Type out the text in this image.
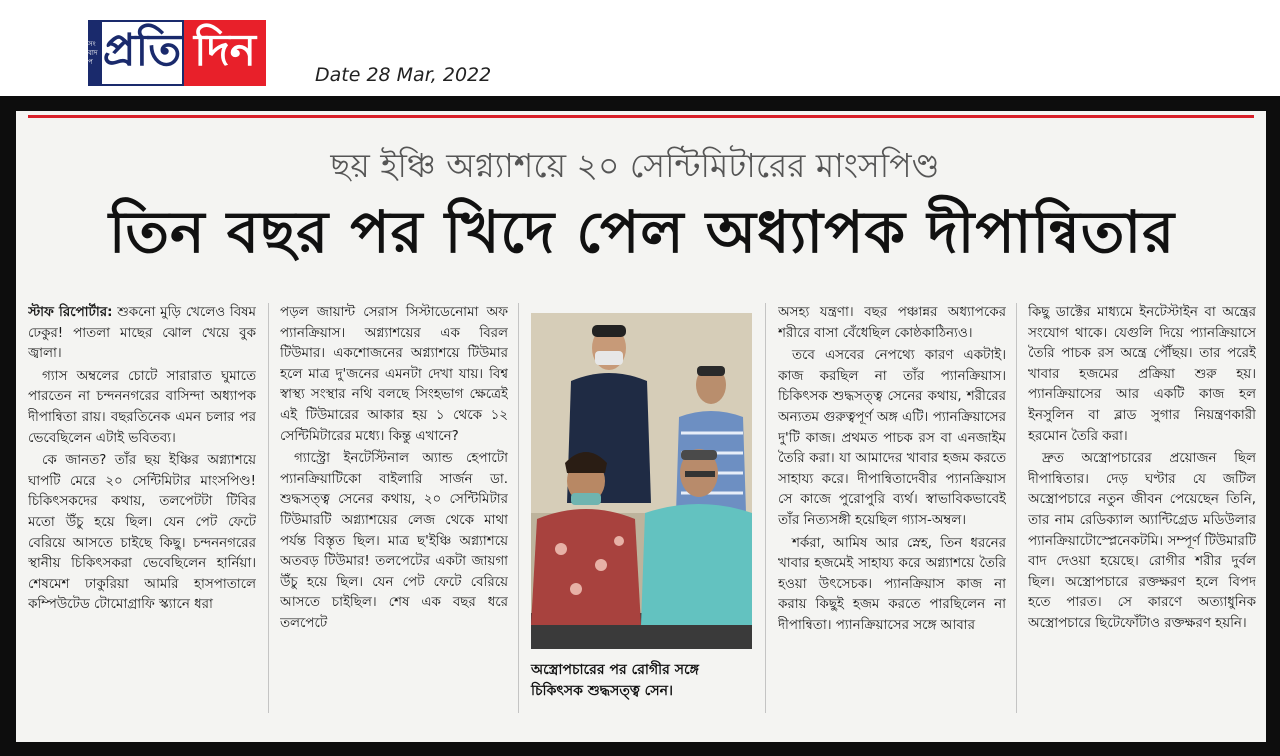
সং বাদ প প্রতি দিন	Date 28 Mar, 2022
ছয় ইঞ্চি অগ্ন্যাশয়ে ২০ সেন্টিমিটারের মাংসপিণ্ড
তিন বছর পর খিদে পেল অধ্যাপক দীপান্বিতার

স্টাফ রিপোর্টার: শুকনো মুড়ি খেলেও বিষম ঢেকুর! পাতলা মাছের ঝোল খেয়ে বুক জ্বালা।

গ্যাস অম্বলের চোটে সারারাত ঘুমাতে পারতেন না চন্দননগরের বাসিন্দা অধ্যাপক দীপান্বিতা রায়। বছরতিনেক এমন চলার পর ভেবেছিলেন এটাই ভবিতব্য।

কে জানত? তাঁর ছয় ইঞ্চির অগ্ন্যাশয়ে ঘাপটি মেরে ২০ সেন্টিমিটার মাংসপিণ্ড! চিকিৎসকদের কথায়, তলপেটটা টিবির মতো উঁচু হয়ে ছিল। যেন পেট ফেটে বেরিয়ে আসতে চাইছে কিছু। চন্দননগরের স্থানীয় চিকিৎসকরা ভেবেছিলেন হার্নিয়া। শেষমেশ ঢাকুরিয়া আমরি হাসপাতালে কম্পিউটেড টোমোগ্রাফি স্ক্যানে ধরা

পড়ল জায়ান্ট সেরাস সিস্টাডেনোমা অফ প্যানক্রিয়াস। অগ্ন্যাশয়ের এক বিরল টিউমার। একশোজনের অগ্ন্যাশয়ে টিউমার হলে মাত্র দু'জনের এমনটা দেখা যায়। বিশ্ব স্বাস্থ্য সংস্থার নথি বলছে সিংহভাগ ক্ষেত্রেই এই টিউমারের আকার হয় ১ থেকে ১২ সেন্টিমিটারের মধ্যে। কিন্তু এখানে?

গ্যাস্ট্রো ইনটেস্টিনাল অ্যান্ড হেপাটো প্যানক্রিয়াটিকো বাইলারি সার্জন ডা. শুদ্ধসত্ত্ব সেনের কথায়, ২০ সেন্টিমিটার টিউমারটি অগ্ন্যাশয়ের লেজ থেকে মাথা পর্যন্ত বিস্তৃত ছিল। মাত্র ছ'ইঞ্চি অগ্ন্যাশয়ে অতবড় টিউমার! তলপেটের একটা জায়গা উঁচু হয়ে ছিল। যেন পেট ফেটে বেরিয়ে আসতে চাইছিল। শেষ এক বছর ধরে তলপেটে

অস্ত্রোপচারের পর রোগীর সঙ্গে চিকিৎসক শুদ্ধসত্ত্ব সেন।

অসহ্য যন্ত্রণা। বছর পঞ্চান্নর অধ্যাপকের শরীরে বাসা বেঁধেছিল কোষ্ঠকাঠিন্যও।

তবে এসবের নেপথ্যে কারণ একটাই। কাজ করছিল না তাঁর প্যানক্রিয়াস। চিকিৎসক শুদ্ধসত্ত্ব সেনের কথায়, শরীরের অন্যতম গুরুত্বপূর্ণ অঙ্গ এটি। প্যানক্রিয়াসের দু'টি কাজ। প্রথমত পাচক রস বা এনজাইম তৈরি করা। যা আমাদের খাবার হজম করতে সাহায্য করে। দীপান্বিতাদেবীর প্যানক্রিয়াস সে কাজে পুরোপুরি ব্যর্থ। স্বাভাবিকভাবেই তাঁর নিত্যসঙ্গী হয়েছিল গ্যাস-অম্বল।

শর্করা, আমিষ আর স্নেহ, তিন ধরনের খাবার হজমেই সাহায্য করে অগ্ন্যাশয়ে তৈরি হওয়া উৎসেচক। প্যানক্রিয়াস কাজ না করায় কিছুই হজম করতে পারছিলেন না দীপান্বিতা। প্যানক্রিয়াসের সঙ্গে আবার

কিছু ডাক্টের মাধ্যমে ইনটেস্টাইন বা অন্ত্রের সংযোগ থাকে। যেগুলি দিয়ে প্যানক্রিয়াসে তৈরি পাচক রস অন্ত্রে পৌঁছয়। তার পরেই খাবার হজমের প্রক্রিয়া শুরু হয়। প্যানক্রিয়াসের আর একটি কাজ হল ইনসুলিন বা ব্লাড সুগার নিয়ন্ত্রণকারী হরমোন তৈরি করা।

দ্রুত অস্ত্রোপচারের প্রয়োজন ছিল দীপান্বিতার। দেড় ঘণ্টার যে জটিল অস্ত্রোপচারে নতুন জীবন পেয়েছেন তিনি, তার নাম রেডিক্যাল অ্যান্টিগ্রেড মডিউলার প্যানক্রিয়াটোস্প্লেনেকটমি। সম্পূর্ণ টিউমারটি বাদ দেওয়া হয়েছে। রোগীর শরীর দুর্বল ছিল। অস্ত্রোপচারে রক্তক্ষরণ হলে বিপদ হতে পারত। সে কারণে অত্যাধুনিক অস্ত্রোপচারে ছিটেফোঁটাও রক্তক্ষরণ হয়নি।
